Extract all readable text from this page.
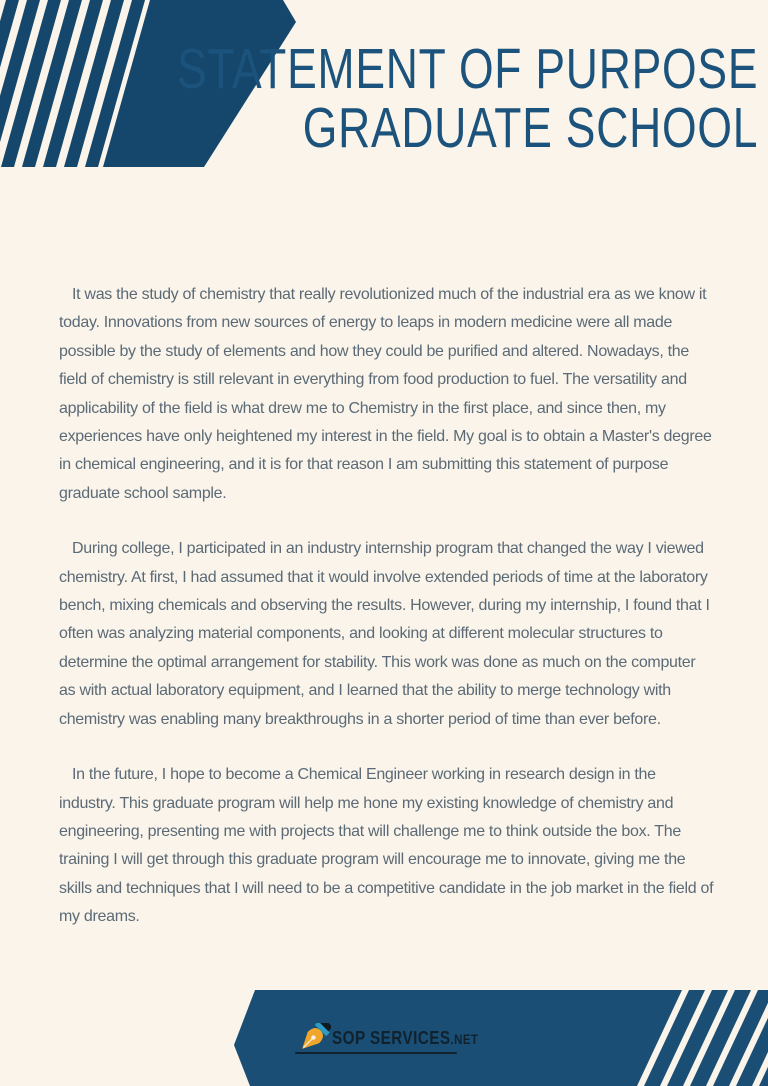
STATEMENT OF PURPOSE
GRADUATE SCHOOL

It was the study of chemistry that really revolutionized much of the industrial era as we know it today. Innovations from new sources of energy to leaps in modern medicine were all made possible by the study of elements and how they could be purified and altered. Nowadays, the field of chemistry is still relevant in everything from food production to fuel. The versatility and applicability of the field is what drew me to Chemistry in the first place, and since then, my experiences have only heightened my interest in the field. My goal is to obtain a Master's degree in chemical engineering, and it is for that reason I am submitting this statement of purpose graduate school sample.

During college, I participated in an industry internship program that changed the way I viewed chemistry. At first, I had assumed that it would involve extended periods of time at the laboratory bench, mixing chemicals and observing the results. However, during my internship, I found that I often was analyzing material components, and looking at different molecular structures to determine the optimal arrangement for stability. This work was done as much on the computer as with actual laboratory equipment, and I learned that the ability to merge technology with chemistry was enabling many breakthroughs in a shorter period of time than ever before.

In the future, I hope to become a Chemical Engineer working in research design in the industry. This graduate program will help me hone my existing knowledge of chemistry and engineering, presenting me with projects that will challenge me to think outside the box. The training I will get through this graduate program will encourage me to innovate, giving me the skills and techniques that I will need to be a competitive candidate in the job market in the field of my dreams.

SOP SERVICES.NET
